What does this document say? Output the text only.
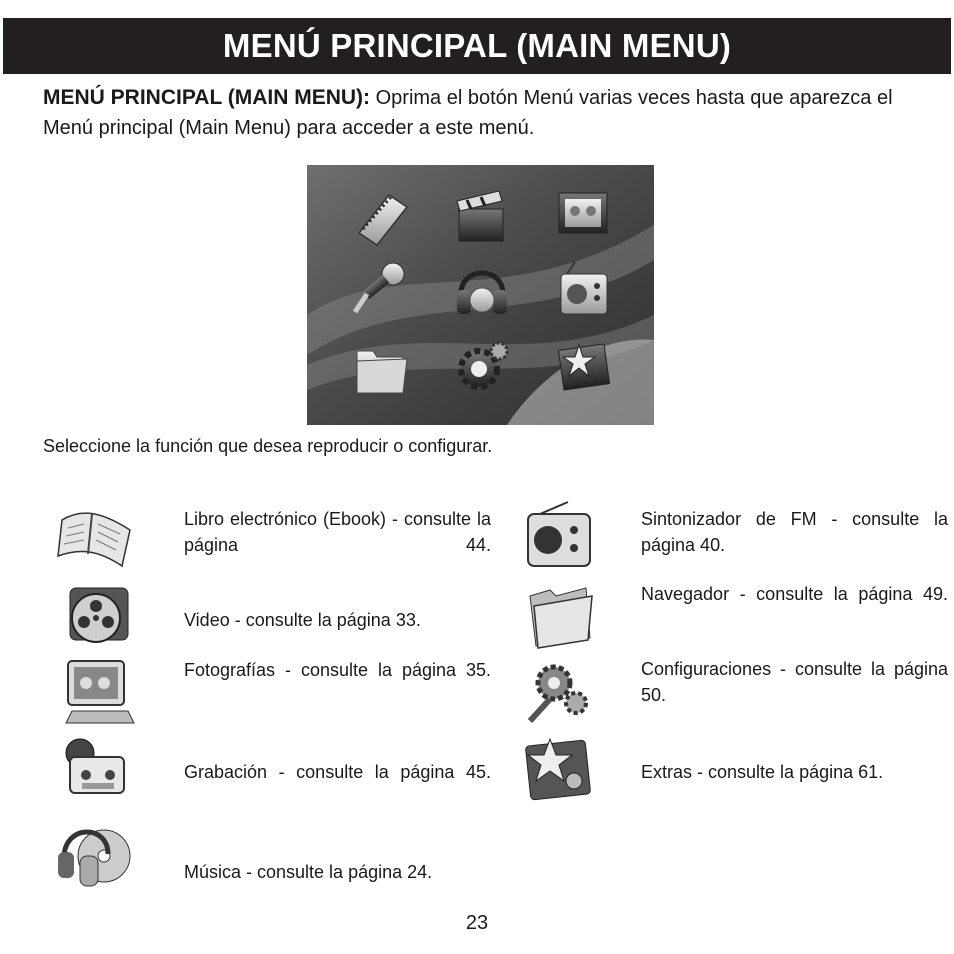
MENÚ PRINCIPAL (MAIN MENU)
MENÚ PRINCIPAL (MAIN MENU): Oprima el botón Menú varias veces hasta que aparezca el Menú principal (Main Menu) para acceder a este menú.
Seleccione la función que desea reproducir o configurar.
Libro electrónico (Ebook) - consulte la página 44.
Video - consulte la página 33.
Fotografías - consulte la página 35.
Grabación - consulte la página 45.
Música - consulte la página 24.
Sintonizador de FM - consulte la página 40.
Navegador - consulte la página 49.
Configuraciones - consulte la página 50.
Extras - consulte la página 61.
23
